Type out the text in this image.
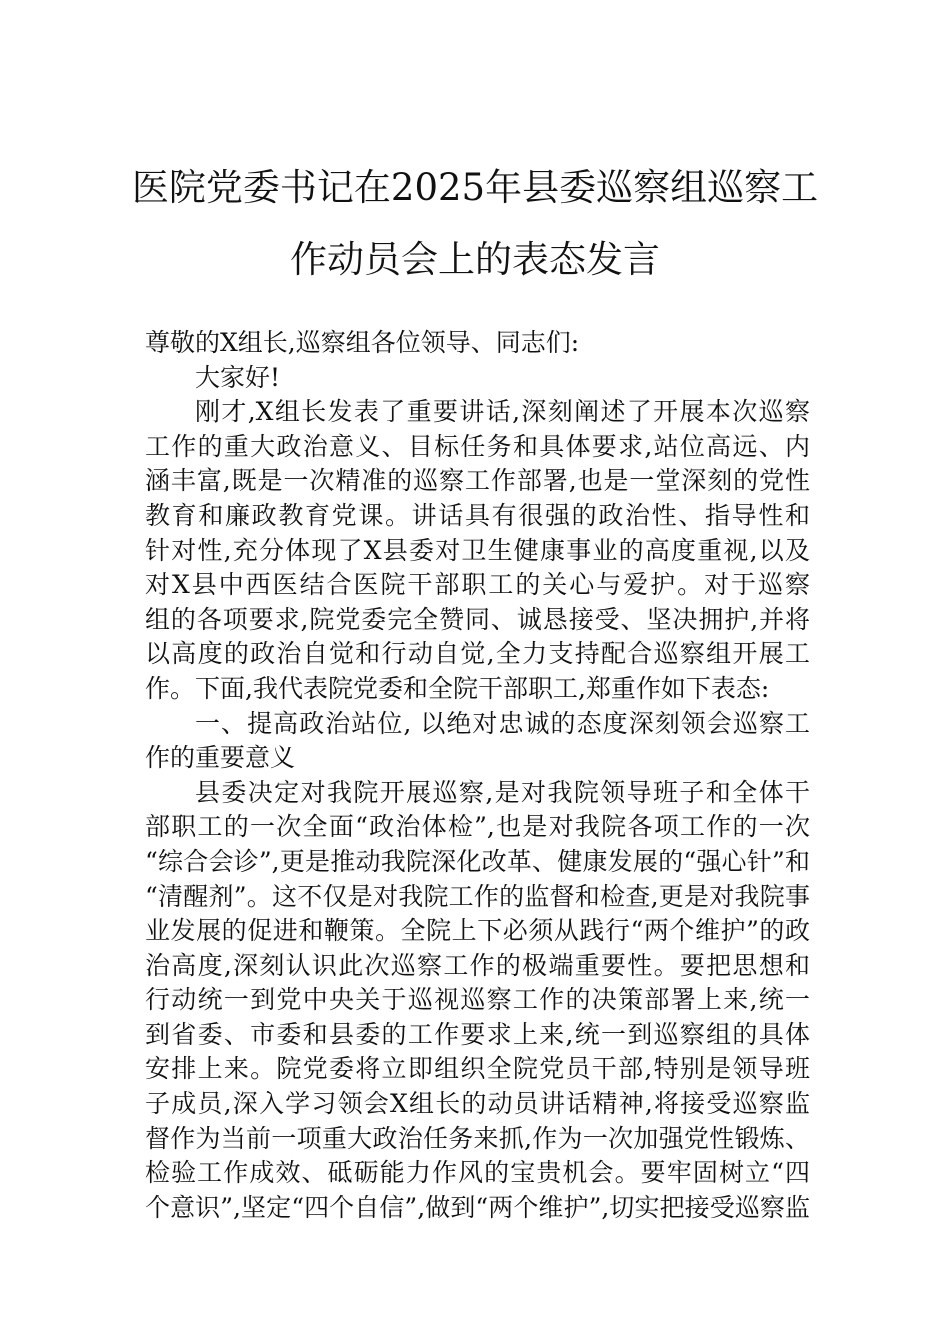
医院党委书记在2025年县委巡察组巡察工
作动员会上的表态发言
尊敬的X组长,巡察组各位领导、同志们:
大家好!
刚才,X组长发表了重要讲话,深刻阐述了开展本次巡察
工作的重大政治意义、目标任务和具体要求,站位高远、内
涵丰富,既是一次精准的巡察工作部署,也是一堂深刻的党性
教育和廉政教育党课。讲话具有很强的政治性、指导性和
针对性,充分体现了X县委对卫生健康事业的高度重视,以及
对X县中西医结合医院干部职工的关心与爱护。对于巡察
组的各项要求,院党委完全赞同、诚恳接受、坚决拥护,并将
以高度的政治自觉和行动自觉,全力支持配合巡察组开展工
作。下面,我代表院党委和全院干部职工,郑重作如下表态:
一、提高政治站位, 以绝对忠诚的态度深刻领会巡察工
作的重要意义
县委决定对我院开展巡察,是对我院领导班子和全体干
部职工的一次全面“政治体检”,也是对我院各项工作的一次
“综合会诊”,更是推动我院深化改革、健康发展的“强心针”和
“清醒剂”。这不仅是对我院工作的监督和检查,更是对我院事
业发展的促进和鞭策。全院上下必须从践行“两个维护”的政
治高度,深刻认识此次巡察工作的极端重要性。要把思想和
行动统一到党中央关于巡视巡察工作的决策部署上来,统一
到省委、市委和县委的工作要求上来,统一到巡察组的具体
安排上来。院党委将立即组织全院党员干部,特别是领导班
子成员,深入学习领会X组长的动员讲话精神,将接受巡察监
督作为当前一项重大政治任务来抓,作为一次加强党性锻炼、
检验工作成效、砥砺能力作风的宝贵机会。要牢固树立“四
个意识”,坚定“四个自信”,做到“两个维护”,切实把接受巡察监
